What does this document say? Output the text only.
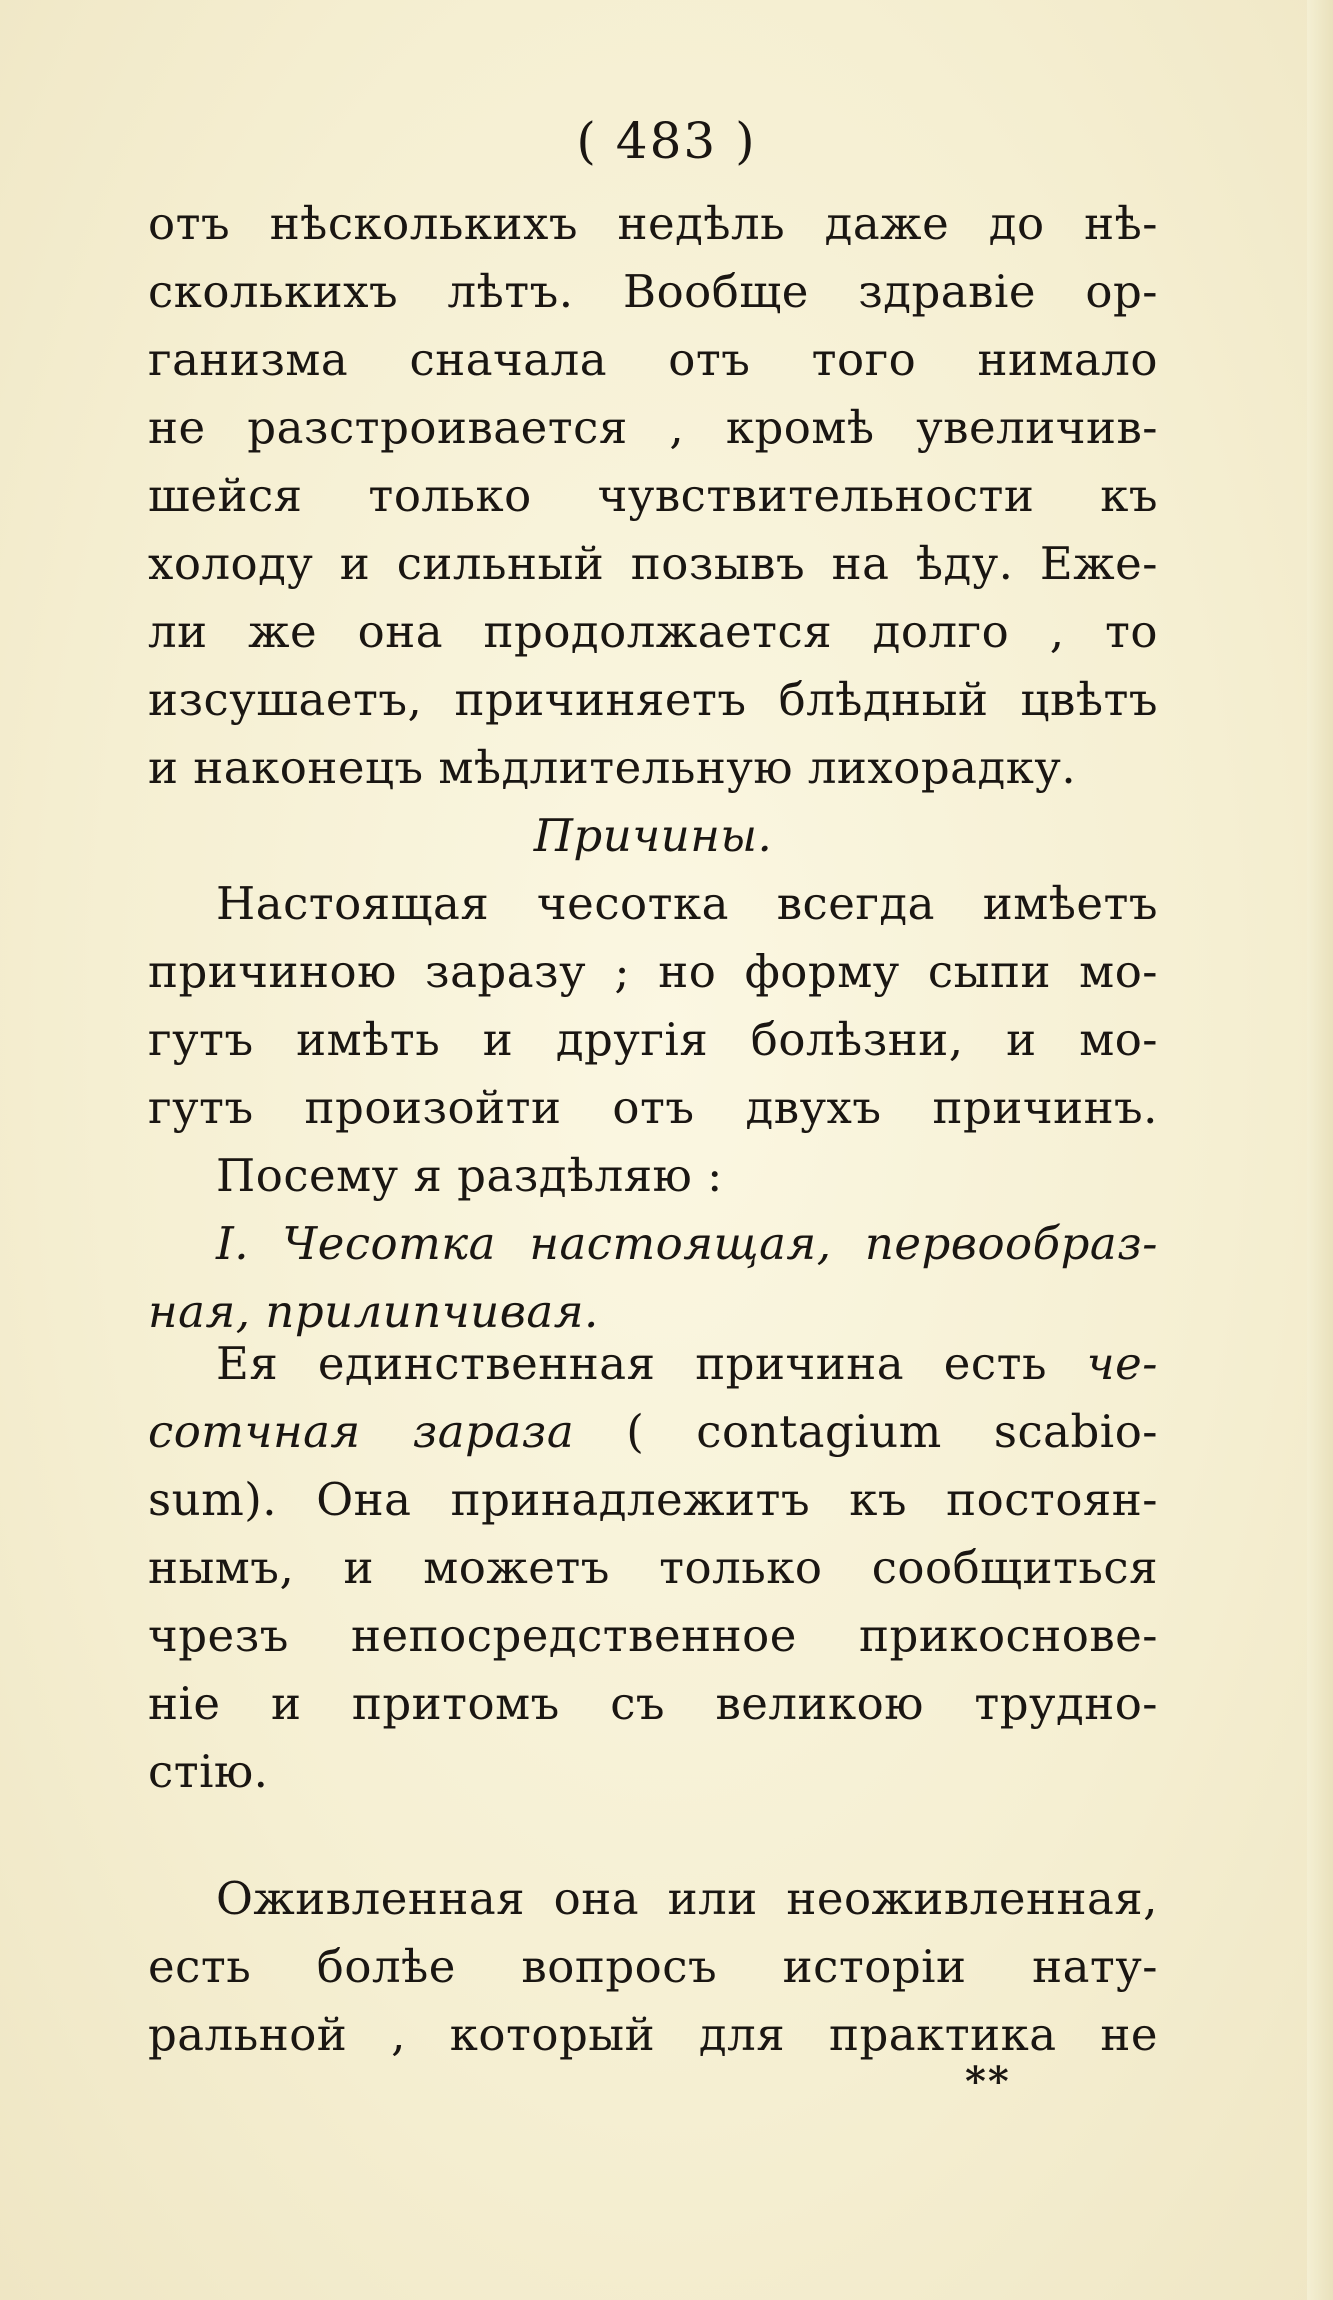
( 483 )
отъ нѣсколькихъ недѣль даже до нѣ-
сколькихъ лѣтъ. Вообще здравіе ор-
ганизма сначала отъ того нимало
не разстроивается , кромѣ увеличив-
шейся только чувствительности къ
холоду и сильный позывъ на ѣду. Еже-
ли же она продолжается долго , то
изсушаетъ, причиняетъ блѣдный цвѣтъ
и наконецъ мѣдлительную лихорадку.
Причины.
Настоящая чесотка всегда имѣетъ
причиною заразу ; но форму сыпи мо-
гутъ имѣть и другія болѣзни, и мо-
гутъ произойти отъ двухъ причинъ.
Посему я раздѣляю :
I. Чесотка настоящая, первообраз-
ная, прилипчивая.
Ея единственная причина есть че-
сотчная зараза ( contagium scabio-
sum). Она принадлежитъ къ постоян-
нымъ, и можетъ только сообщиться
чрезъ непосредственное прикоснове-
ніе и притомъ съ великою трудно-
стію.
Оживленная она или неоживленная,
есть болѣе вопросъ исторіи нату-
ральной , который для практика не
**
